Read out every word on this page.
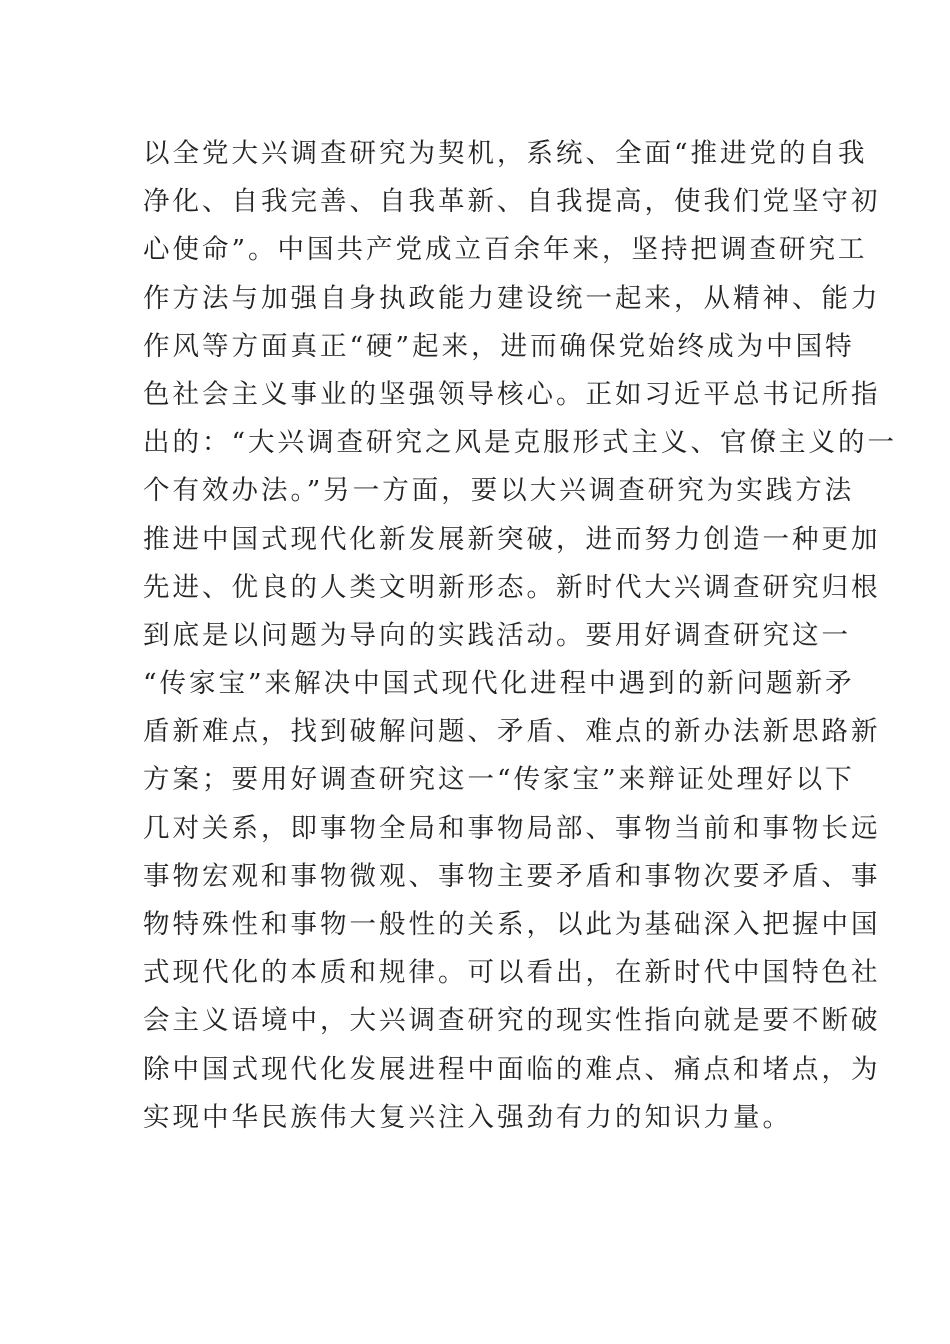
以全党大兴调查研究为契机，系统、全面“推进党的自我
净化、自我完善、自我革新、自我提高，使我们党坚守初
心使命”。中国共产党成立百余年来，坚持把调查研究工
作方法与加强自身执政能力建设统一起来，从精神、能力
作风等方面真正“硬”起来，进而确保党始终成为中国特
色社会主义事业的坚强领导核心。正如习近平总书记所指
出的：“大兴调查研究之风是克服形式主义、官僚主义的一
个有效办法。”另一方面，要以大兴调查研究为实践方法
推进中国式现代化新发展新突破，进而努力创造一种更加
先进、优良的人类文明新形态。新时代大兴调查研究归根
到底是以问题为导向的实践活动。要用好调查研究这一
“传家宝”来解决中国式现代化进程中遇到的新问题新矛
盾新难点，找到破解问题、矛盾、难点的新办法新思路新
方案；要用好调查研究这一“传家宝”来辩证处理好以下
几对关系，即事物全局和事物局部、事物当前和事物长远
事物宏观和事物微观、事物主要矛盾和事物次要矛盾、事
物特殊性和事物一般性的关系，以此为基础深入把握中国
式现代化的本质和规律。可以看出，在新时代中国特色社
会主义语境中，大兴调查研究的现实性指向就是要不断破
除中国式现代化发展进程中面临的难点、痛点和堵点，为
实现中华民族伟大复兴注入强劲有力的知识力量。
